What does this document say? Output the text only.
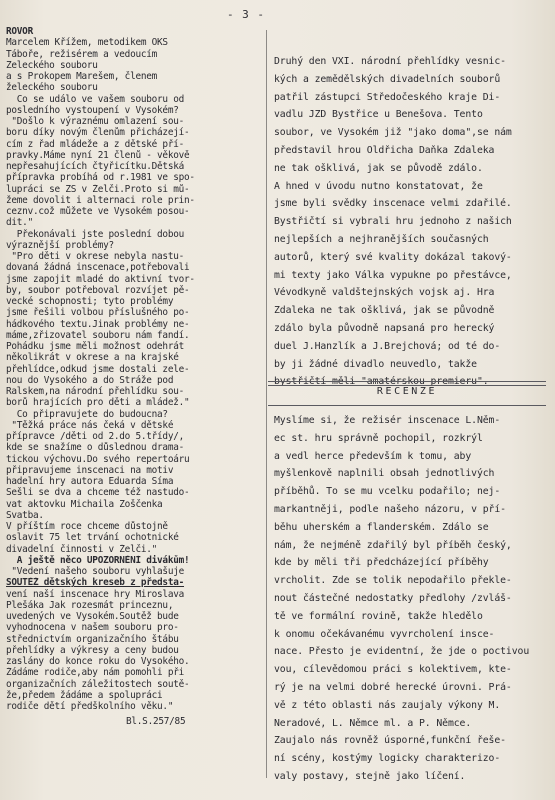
- 3 -
ROVOR
Marcelem Křížem, metodikem OKS
Táboře, režisérem a vedoucím
Zeleckého souboru
a s Prokopem Marešem, členem
želeckého souboru
Co se událo ve vašem souboru od
posledního vystoupení v Vysokém?
"Došlo k výraznému omlazení sou-
boru díky novým členům přicházejí-
cím z řad mládeže a z dětské pří-
pravky.Máme nyní 21 členů - věkově
nepřesahujících čtyřicítku.Dětská
přípravka probíhá od r.1981 ve spo-
lupráci se ZŠ v Želči.Proto si mů-
žeme dovolit i alternaci role prin-
ceznv.což můžete ve Vysokém posou-
dit."
Překonávali jste poslední dobou
výraznější problémy?
"Pro děti v okrese nebyla nastu-
dovaná žádná inscenace,potřebovali
jsme zapojit mladé do aktivní tvor-
by, soubor potřeboval rozvíjet pě-
vecké schopnosti; tyto problémy
jsme řešili volbou příslušného po-
hádkového textu.Jinak problémy ne-
máme,zřizovatel souboru nám fandí.
Pohádku jsme měli možnost odehrát
několikrát v okrese a na krajské
přehlídce,odkud jsme dostali zele-
nou do Vysokého a do Stráže pod
Ralskem,na národní přehlídku sou-
borů hrajících pro děti a mládež."
Co připravujete do budoucna?
"Těžká práce nás čeká v dětské
přípravce /děti od 2.do 5.třídy/,
kde se snažíme o důslednou drama-
tickou výchovu.Do svého repertoáru
připravujeme inscenaci na motiv
hadelní hry autora Eduarda Šíma
Sešli se dva a chceme též nastudo-
vat aktovku Michaila Zoščenka
Svatba.
V příštím roce chceme důstojně
oslavit 75 let trvání ochotnické
divadelní činnosti v Želči."
A ještě něco UPOZORNĚNÍ divákům!
"Vedení našeho souboru vyhlašuje
SOUTĚŽ dětských kreseb z předsta-
vení naší inscenace hry Miroslava
Plešáka Jak rozesmát princeznu,
uvedených ve Vysokém.Soutěž bude
vyhodnocena v našem souboru pro-
střednictvím organizačního štábu
přehlídky a výkresy a ceny budou
zaslány do konce roku do Vysokého.
Žádáme rodiče,aby nám pomohli při
organizačních záležitostech soutě-
že,předem žádáme a spolupráci
rodiče dětí předškolního věku."
Bl.Š.257/85
Druhý den VXI. národní přehlídky vesnic-
kých a zemědělských divadelních souborů
patřil zástupci Středočeského kraje Di-
vadlu JZD Bystřice u Benešova. Tento
soubor, ve Vysokém již "jako doma",se nám
představil hrou Oldřicha Daňka Zdaleka
ne tak ošklivá, jak se původě zdálo.
A hned v úvodu nutno konstatovat, že
jsme byli svědky inscenace velmi zdařilé.
Bystřičtí si vybrali hru jednoho z našich
nejlepších a nejhranějších současných
autorů, který své kvality dokázal takový-
mi texty jako Válka vypukne po přestávce,
Vévodkyně valdštejnských vojsk aj. Hra
Zdaleka ne tak ošklivá, jak se původně
zdálo byla původně napsaná pro herecký
duel J.Hanzlík a J.Brejchová; od té do-
by ji žádné divadlo neuvedlo, takže
RECENZE
Myslíme si, že režisér inscenace L.Něm-
ec st. hru správně pochopil, rozkrýl
a vedl herce především k tomu, aby
myšlenkově naplnili obsah jednotlivých
příběhů. To se mu vcelku podařilo; nej-
markantněji, podle našeho názoru, v pří-
běhu uherském a flanderském. Zdálo se
nám, že nejméně zdařilý byl příběh český,
kde by měli tři předcházející příběhy
vrcholit. Zde se tolik nepodařilo překle-
nout částečné nedostatky předlohy /zvláš-
tě ve formální rovině, takže hledělo
k onomu očekávanému vyvrcholení insce-
nace. Přesto je evidentní, že jde o poctivou
vou, cílevědomou práci s kolektivem, kte-
rý je na velmi dobré herecké úrovni. Prá-
vě z této oblasti nás zaujaly výkony M.
Neradové, L. Němce ml. a P. Němce.
Zaujalo nás rovněž úsporné,funkční řeše-
ní scény, kostýmy logicky charakterizo-
valy postavy, stejně jako líčení.
